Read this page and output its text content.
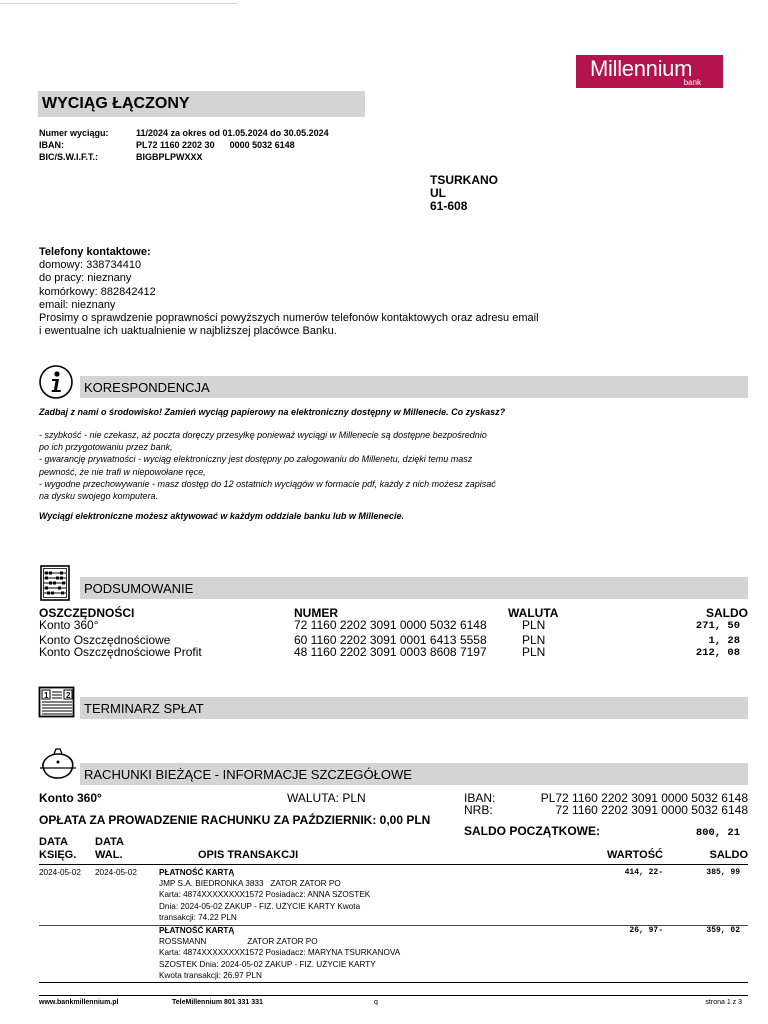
Millennium
bank
WYCIĄG ŁĄCZONY
Numer wyciągu:	11/2024 za okres od 01.05.2024 do 30.05.2024
IBAN:	PL72 1160 2202 30      0000 5032 6148
BIC/S.W.I.F.T.:	BIGBPLPWXXX
TSURKANO
UL
61-608
Telefony kontaktowe:
domowy: 338734410
do pracy: nieznany
komórkowy: 882842412
email: nieznany
Prosimy o sprawdzenie poprawności powyższych numerów telefonów kontaktowych oraz adresu email
i ewentualne ich uaktualnienie w najbliższej placówce Banku.
KORESPONDENCJA
Zadbaj z nami o środowisko! Zamień wyciąg papierowy na elektroniczny dostępny w Millenecie. Co zyskasz?
- szybkość - nie czekasz, aż poczta doręczy przesyłkę ponieważ wyciągi w Millenecie są dostępne bezpośrednio
po ich przygotowaniu przez bank,
- gwarancję prywatności - wyciąg elektroniczny jest dostępny po zalogowaniu do Millenetu, dzięki temu masz
pewność, że nie trafi w niepowołane ręce,
- wygodne przechowywanie - masz dostęp do 12 ostatnich wyciągów w formacie pdf, każdy z nich możesz zapisać
na dysku swojego komputera.
Wyciągi elektroniczne możesz aktywować w każdym oddziale banku lub w Millenecie.
PODSUMOWANIE
OSZCZĘDNOŚCI	NUMER	WALUTA	SALDO
Konto 360°	72 1160 2202 3091 0000 5032 6148	PLN	271, 50
Konto Oszczędnościowe	60 1160 2202 3091 0001 6413 5558	PLN	1, 28
Konto Oszczędnościowe Profit	48 1160 2202 3091 0003 8608 7197	PLN	212, 08
1 2
TERMINARZ SPŁAT
RACHUNKI BIEŻĄCE - INFORMACJE SZCZEGÓŁOWE
Konto 360°	WALUTA: PLN	IBAN:	PL72 1160 2202 3091 0000 5032 6148
NRB:	72 1160 2202 3091 0000 5032 6148
OPŁATA ZA PROWADZENIE RACHUNKU ZA PAŹDZIERNIK: 0,00 PLN
SALDO POCZĄTKOWE:	800, 21
DATA
KSIĘG.
DATA
WAL.	OPIS TRANSAKCJI	WARTOŚĆ	SALDO
2024-05-02 2024-05-02	PŁATNOŚĆ KARTĄ
JMP S.A. BIEDRONKA 3833   ZATOR ZATOR PO
Karta: 4874XXXXXXXX1572 Posiadacz: ANNA SZOSTEK
Dnia: 2024-05-02 ZAKUP - FIZ. UŻYCIE KARTY Kwota
transakcji: 74.22 PLN
414, 22-	385, 99
PŁATNOŚĆ KARTĄ
ROSSMANN                  ZATOR ZATOR PO
Karta: 4874XXXXXXXX1572 Posiadacz: MARYNA TSURKANOVA
SZOSTEK Dnia: 2024-05-02 ZAKUP - FIZ. UŻYCIE KARTY
Kwota transakcji: 26.97 PLN
26, 97-	359, 02
www.bankmillennium.pl	TeleMillennium 801 331 331	q	strona 1 z 3
